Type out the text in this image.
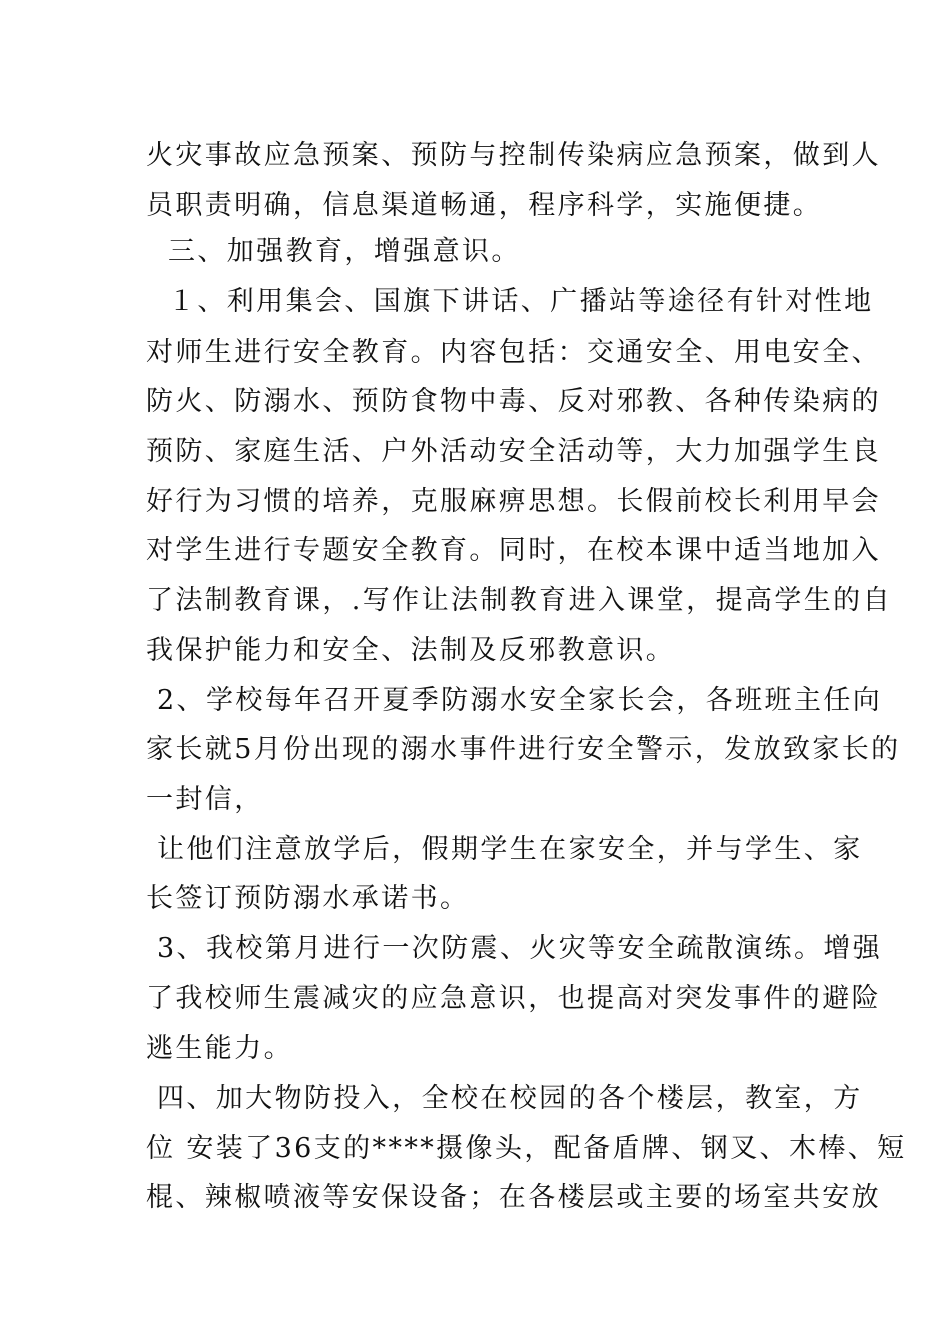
火灾事故应急预案、预防与控制传染病应急预案，做到人
员职责明确，信息渠道畅通，程序科学，实施便捷。
三、加强教育，增强意识。
１、利用集会、国旗下讲话、广播站等途径有针对性地
对师生进行安全教育。内容包括：交通安全、用电安全、
防火、防溺水、预防食物中毒、反对邪教、各种传染病的
预防、家庭生活、户外活动安全活动等，大力加强学生良
好行为习惯的培养，克服麻痹思想。长假前校长利用早会
对学生进行专题安全教育。同时，在校本课中适当地加入
了法制教育课，.写作让法制教育进入课堂，提高学生的自
我保护能力和安全、法制及反邪教意识。
2、学校每年召开夏季防溺水安全家长会，各班班主任向
家长就5月份出现的溺水事件进行安全警示，发放致家长的
一封信，
让他们注意放学后，假期学生在家安全，并与学生、家
长签订预防溺水承诺书。
3、我校第月进行一次防震、火灾等安全疏散演练。增强
了我校师生震减灾的应急意识，也提高对突发事件的避险
逃生能力。
四、加大物防投入，全校在校园的各个楼层，教室，方
位 安装了36支的****摄像头，配备盾牌、钢叉、木棒、短
棍、辣椒喷液等安保设备；在各楼层或主要的场室共安放
